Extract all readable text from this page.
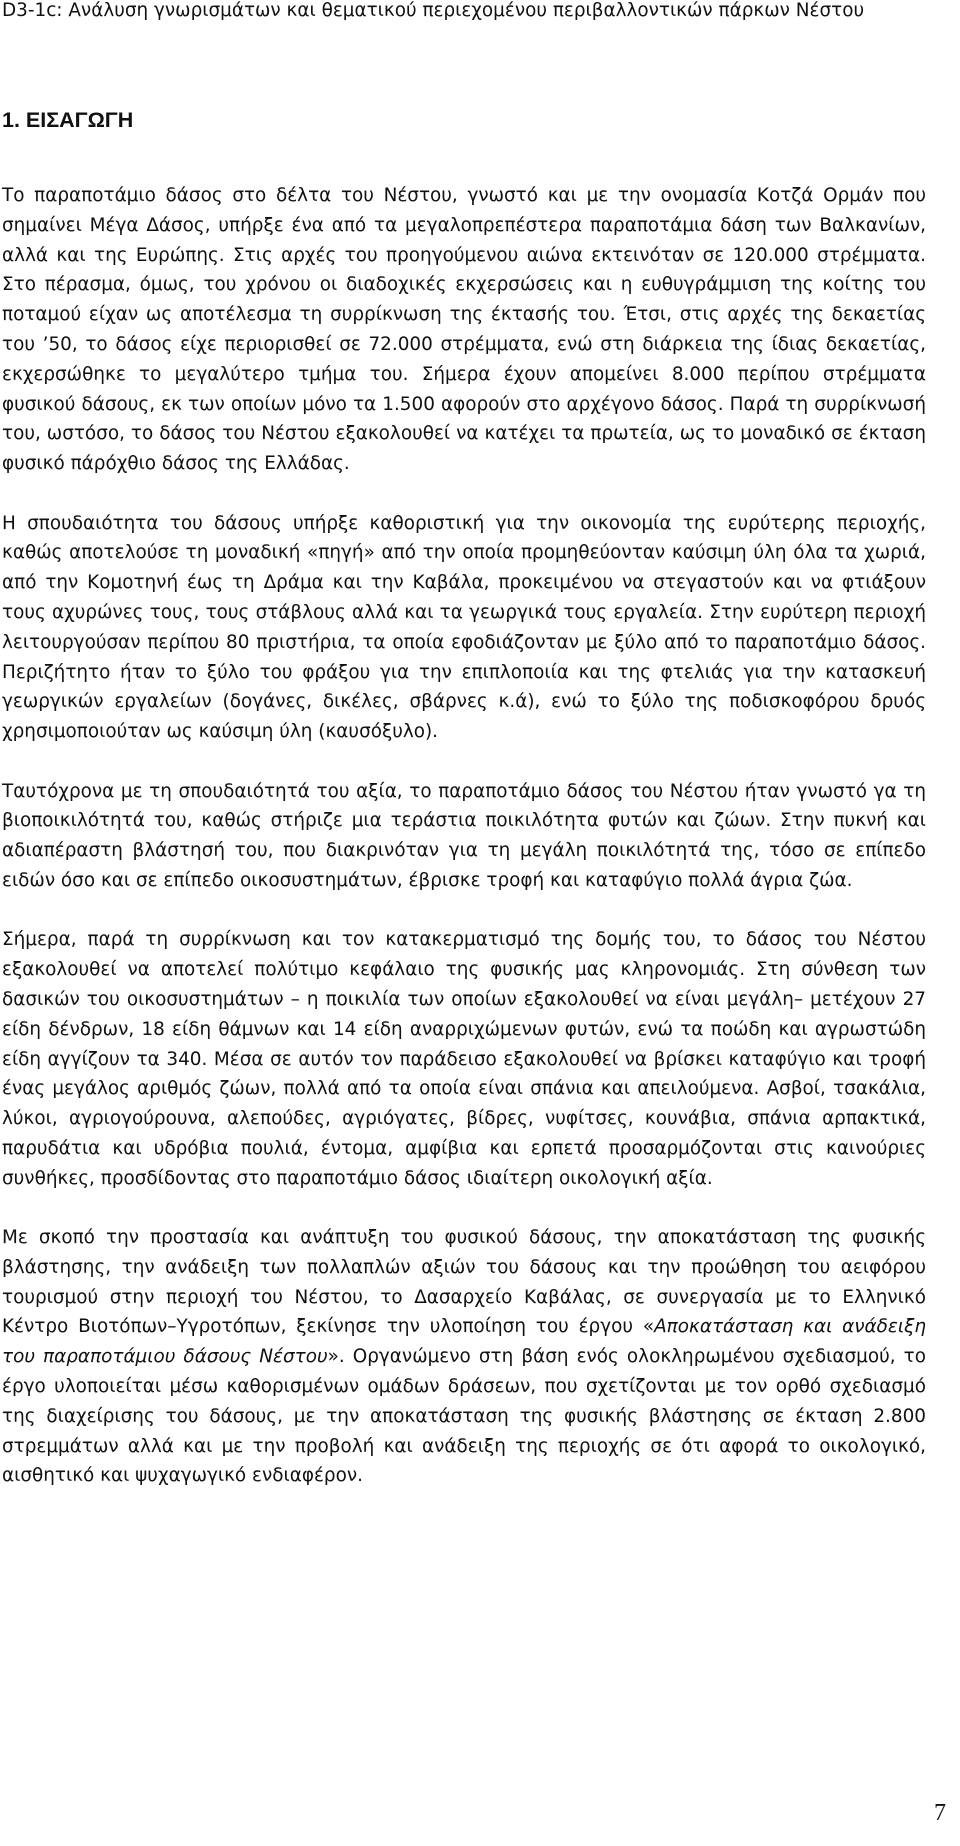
D3-1c: Ανάλυση γνωρισμάτων και θεματικού περιεχομένου περιβαλλοντικών πάρκων Νέστου
1. ΕΙΣΑΓΩΓΗ

Το παραποτάμιο δάσος στο δέλτα του Νέστου, γνωστό και με την ονομασία Κοτζά Ορμάν που σημαίνει Μέγα Δάσος, υπήρξε ένα από τα μεγαλοπρεπέστερα παραποτάμια δάση των Βαλκανίων, αλλά και της Ευρώπης. Στις αρχές του προηγούμενου αιώνα εκτεινόταν σε 120.000 στρέμματα. Στο πέρασμα, όμως, του χρόνου οι διαδοχικές εκχερσώσεις και η ευθυγράμμιση της κοίτης του ποταμού είχαν ως αποτέλεσμα τη συρρίκνωση της έκτασής του. Έτσι, στις αρχές της δεκαετίας του ’50, το δάσος είχε περιορισθεί σε 72.000 στρέμματα, ενώ στη διάρκεια της ίδιας δεκαετίας, εκχερσώθηκε το μεγαλύτερο τμήμα του. Σήμερα έχουν απομείνει 8.000 περίπου στρέμματα φυσικού δάσους, εκ των οποίων μόνο τα 1.500 αφορούν στο αρχέγονο δάσος. Παρά τη συρρίκνωσή του, ωστόσο, το δάσος του Νέστου εξακολουθεί να κατέχει τα πρωτεία, ως το μοναδικό σε έκταση φυσικό πάρόχθιο δάσος της Ελλάδας.

Η σπουδαιότητα του δάσους υπήρξε καθοριστική για την οικονομία της ευρύτερης περιοχής, καθώς αποτελούσε τη μοναδική «πηγή» από την οποία προμηθεύονταν καύσιμη ύλη όλα τα χωριά, από την Κομοτηνή έως τη Δράμα και την Καβάλα, προκειμένου να στεγαστούν και να φτιάξουν τους αχυρώνες τους, τους στάβλους αλλά και τα γεωργικά τους εργαλεία. Στην ευρύτερη περιοχή λειτουργούσαν περίπου 80 πριστήρια, τα οποία εφοδιάζονταν με ξύλο από το παραποτάμιο δάσος. Περιζήτητο ήταν το ξύλο του φράξου για την επιπλοποιία και της φτελιάς για την κατασκευή γεωργικών εργαλείων (δογάνες, δικέλες, σβάρνες κ.ά), ενώ το ξύλο της ποδισκοφόρου δρυός χρησιμοποιούταν ως καύσιμη ύλη (καυσόξυλο).

Ταυτόχρονα με τη σπουδαιότητά του αξία, το παραποτάμιο δάσος του Νέστου ήταν γνωστό γα τη βιοποικιλότητά του, καθώς στήριζε μια τεράστια ποικιλότητα φυτών και ζώων. Στην πυκνή και αδιαπέραστη βλάστησή του, που διακρινόταν για τη μεγάλη ποικιλότητά της, τόσο σε επίπεδο ειδών όσο και σε επίπεδο οικοσυστημάτων, έβρισκε τροφή και καταφύγιο πολλά άγρια ζώα.

Σήμερα, παρά τη συρρίκνωση και τον κατακερματισμό της δομής του, το δάσος του Νέστου εξακολουθεί να αποτελεί πολύτιμο κεφάλαιο της φυσικής μας κληρονομιάς. Στη σύνθεση των δασικών του οικοσυστημάτων – η ποικιλία των οποίων εξακολουθεί να είναι μεγάλη– μετέχουν 27 είδη δένδρων, 18 είδη θάμνων και 14 είδη αναρριχώμενων φυτών, ενώ τα ποώδη και αγρωστώδη είδη αγγίζουν τα 340. Μέσα σε αυτόν τον παράδεισο εξακολουθεί να βρίσκει καταφύγιο και τροφή ένας μεγάλος αριθμός ζώων, πολλά από τα οποία είναι σπάνια και απειλούμενα. Ασβοί, τσακάλια, λύκοι, αγριογούρουνα, αλεπούδες, αγριόγατες, βίδρες, νυφίτσες, κουνάβια, σπάνια αρπακτικά, παρυδάτια και υδρόβια πουλιά, έντομα, αμφίβια και ερπετά προσαρμόζονται στις καινούριες συνθήκες, προσδίδοντας στο παραποτάμιο δάσος ιδιαίτερη οικολογική αξία.

Με σκοπό την προστασία και ανάπτυξη του φυσικού δάσους, την αποκατάσταση της φυσικής βλάστησης, την ανάδειξη των πολλαπλών αξιών του δάσους και την προώθηση του αειφόρου τουρισμού στην περιοχή του Νέστου, το Δασαρχείο Καβάλας, σε συνεργασία με το Ελληνικό Κέντρο Βιοτόπων–Υγροτόπων, ξεκίνησε την υλοποίηση του έργου «Αποκατάσταση και ανάδειξη του παραποτάμιου δάσους Νέστου». Οργανώμενο στη βάση ενός ολοκληρωμένου σχεδιασμού, το έργο υλοποιείται μέσω καθορισμένων ομάδων δράσεων, που σχετίζονται με τον ορθό σχεδιασμό της διαχείρισης του δάσους, με την αποκατάσταση της φυσικής βλάστησης σε έκταση 2.800 στρεμμάτων αλλά και με την προβολή και ανάδειξη της περιοχής σε ότι αφορά το οικολογικό, αισθητικό και ψυχαγωγικό ενδιαφέρον.

7
